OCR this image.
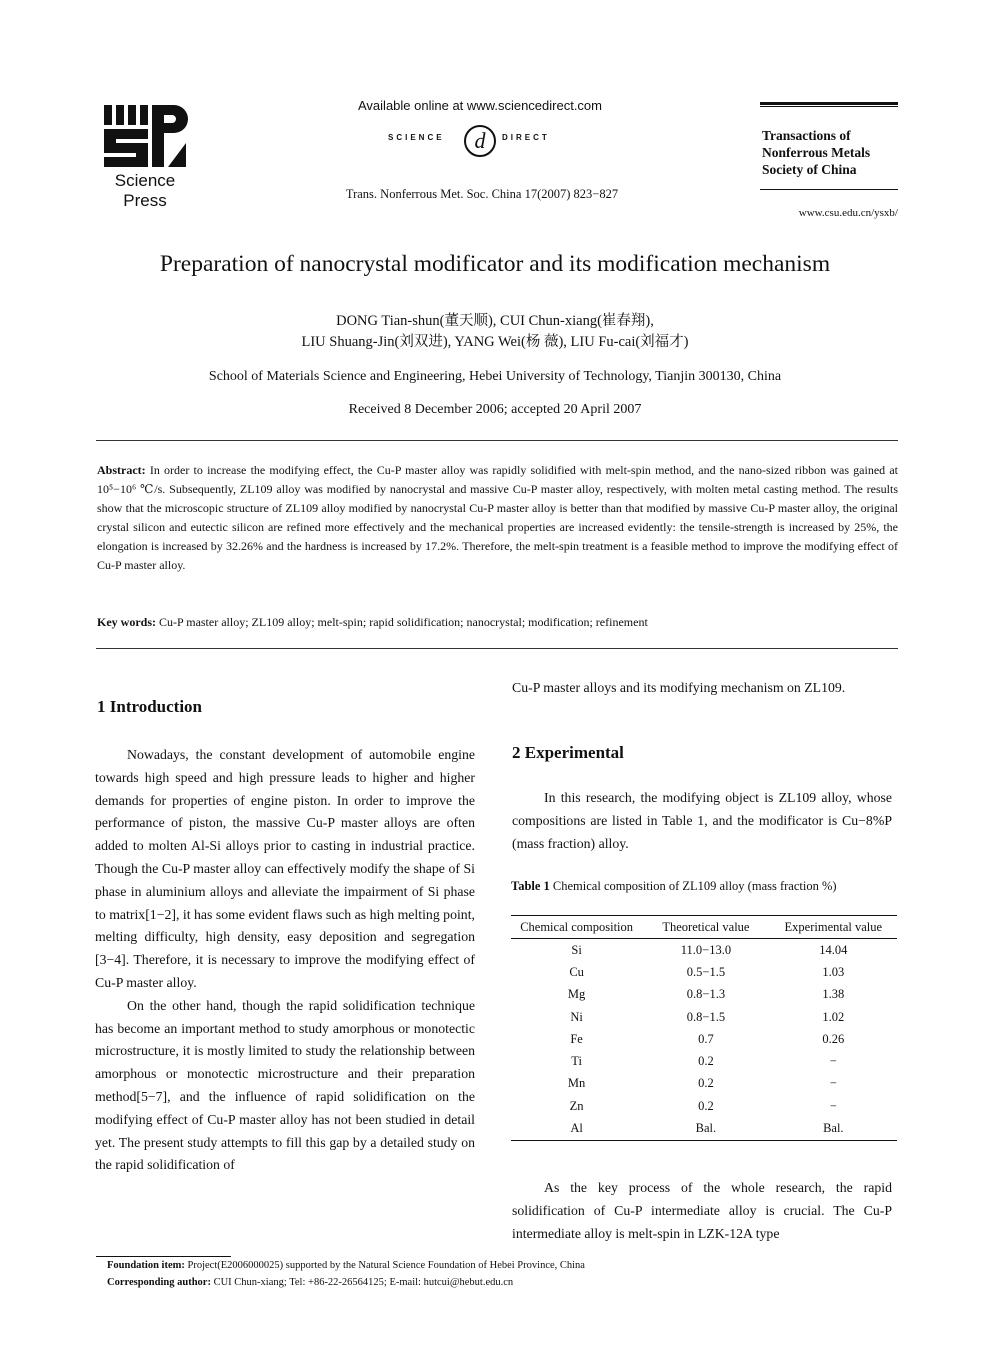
Science
Press
Available online at www.sciencedirect.com
SCIENCE d DIRECT
Trans. Nonferrous Met. Soc. China 17(2007) 823−827
Transactions of
Nonferrous Metals
Society of China
www.csu.edu.cn/ysxb/
Preparation of nanocrystal modificator and its modification mechanism
DONG Tian-shun(董天顺), CUI Chun-xiang(崔春翔),
LIU Shuang-Jin(刘双进), YANG Wei(杨 薇), LIU Fu-cai(刘福才)
School of Materials Science and Engineering, Hebei University of Technology, Tianjin 300130, China
Received 8 December 2006; accepted 20 April 2007
Abstract: In order to increase the modifying effect, the Cu-P master alloy was rapidly solidified with melt-spin method, and the nano-sized ribbon was gained at 10⁵−10⁶ ℃/s. Subsequently, ZL109 alloy was modified by nanocrystal and massive Cu-P master alloy, respectively, with molten metal casting method. The results show that the microscopic structure of ZL109 alloy modified by nanocrystal Cu-P master alloy is better than that modified by massive Cu-P master alloy, the original crystal silicon and eutectic silicon are refined more effectively and the mechanical properties are increased evidently: the tensile-strength is increased by 25%, the elongation is increased by 32.26% and the hardness is increased by 17.2%. Therefore, the melt-spin treatment is a feasible method to improve the modifying effect of Cu-P master alloy.
Key words: Cu-P master alloy; ZL109 alloy; melt-spin; rapid solidification; nanocrystal; modification; refinement
1 Introduction

Nowadays, the constant development of automobile engine towards high speed and high pressure leads to higher and higher demands for properties of engine piston. In order to improve the performance of piston, the massive Cu-P master alloys are often added to molten Al-Si alloys prior to casting in industrial practice. Though the Cu-P master alloy can effectively modify the shape of Si phase in aluminium alloys and alleviate the impairment of Si phase to matrix[1−2], it has some evident flaws such as high melting point, melting difficulty, high density, easy deposition and segregation [3−4]. Therefore, it is necessary to improve the modifying effect of Cu-P master alloy.

On the other hand, though the rapid solidification technique has become an important method to study amorphous or monotectic microstructure, it is mostly limited to study the relationship between amorphous or monotectic microstructure and their preparation method[5−7], and the influence of rapid solidification on the modifying effect of Cu-P master alloy has not been studied in detail yet. The present study attempts to fill this gap by a detailed study on the rapid solidification of

Cu-P master alloys and its modifying mechanism on ZL109.
2 Experimental

In this research, the modifying object is ZL109 alloy, whose compositions are listed in Table 1, and the modificator is Cu−8%P (mass fraction) alloy.

Table 1 Chemical composition of ZL109 alloy (mass fraction %)
Chemical composition	Theoretical value	Experimental value
Si	11.0−13.0	14.04
Cu	0.5−1.5	1.03
Mg	0.8−1.3	1.38
Ni	0.8−1.5	1.02
Fe	0.7	0.26
Ti	0.2	−
Mn	0.2	−
Zn	0.2	−
Al	Bal.	Bal.

As the key process of the whole research, the rapid solidification of Cu-P intermediate alloy is crucial. The Cu-P intermediate alloy is melt-spin in LZK-12A type

Foundation item: Project(E2006000025) supported by the Natural Science Foundation of Hebei Province, China
Corresponding author: CUI Chun-xiang; Tel: +86-22-26564125; E-mail: hutcui@hebut.edu.cn
